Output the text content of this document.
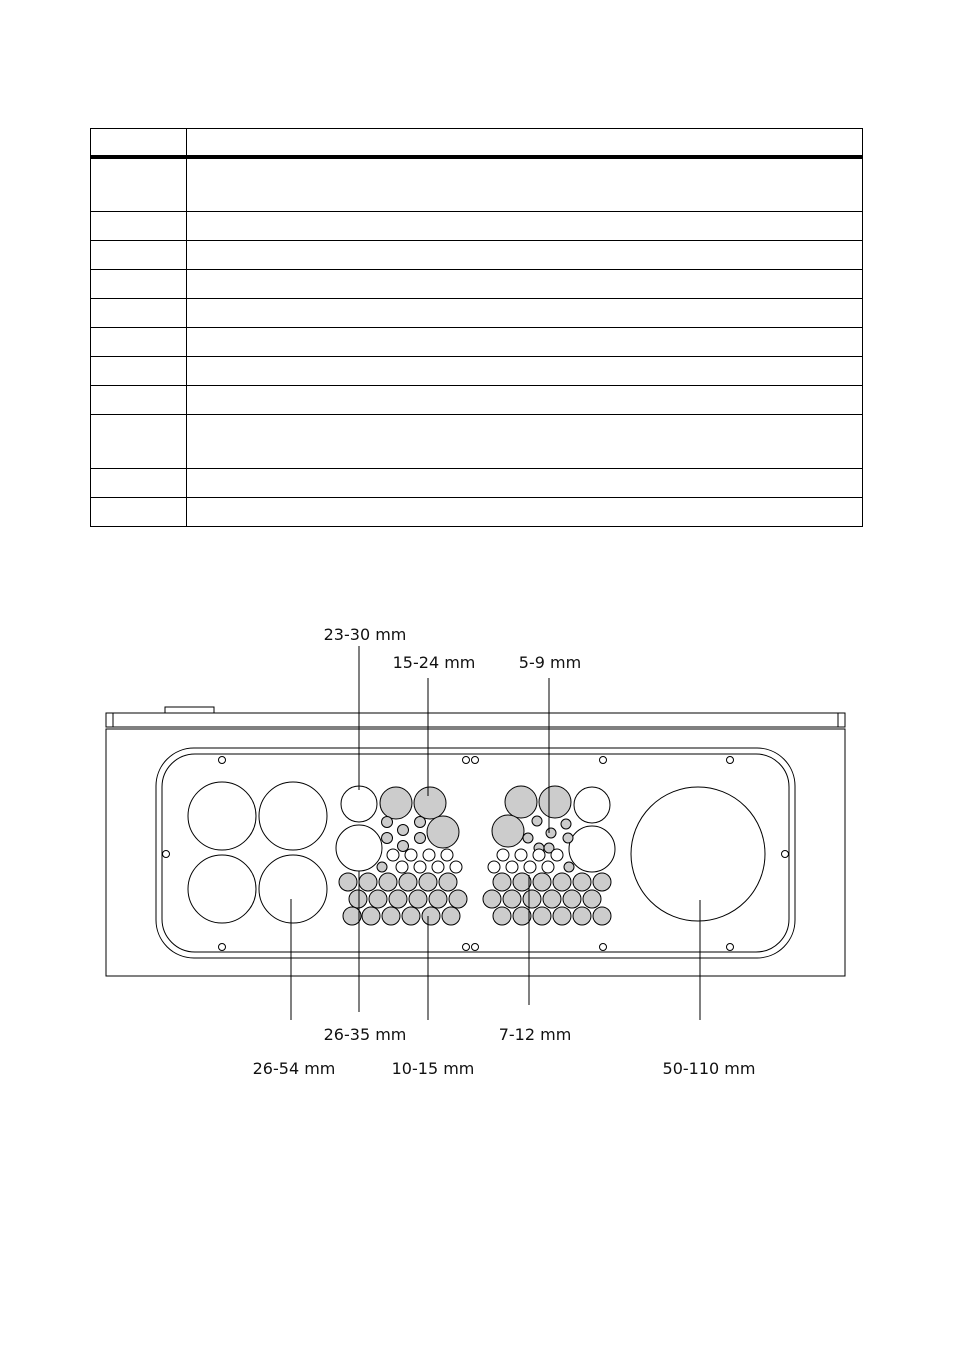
23-30 mm
15-24 mm	5-9 mm
26-35 mm	7-12 mm
26-54 mm	10-15 mm	50-110 mm
